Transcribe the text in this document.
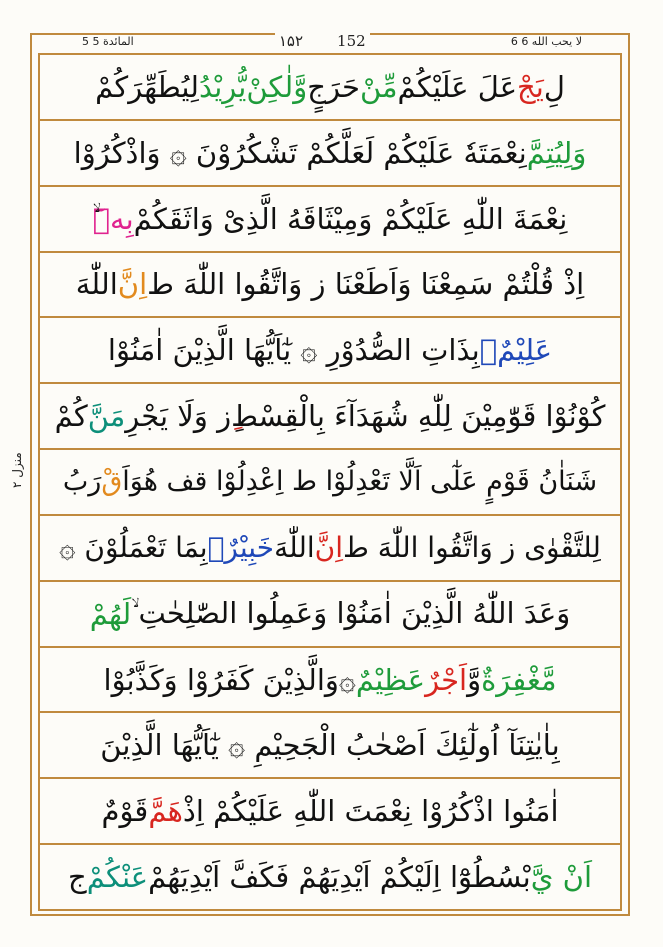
5 المائدة 5	۱۵۲ 152	6 لا يحب الله 6
منزل ۲
لِ
يَجْ
عَلَ عَلَيْكُمْ
مِّنْ
حَرَجٍ
وَّلٰكِنْ
يُّرِيْدُ
لِيُطَهِّرَكُمْ
وَلِيُتِمَّ
نِعْمَتَهٗ عَلَيْكُمْ لَعَلَّكُمْ تَشْكُرُوْنَ ۞ وَاذْكُرُوْا
نِعْمَةَ اللّٰهِ عَلَيْكُمْ وَمِيْثَاقَهُ الَّذِىْ وَاثَقَكُمْ
بِهٖٓ
اِذْ قُلْتُمْ سَمِعْنَا وَاَطَعْنَا ز وَاتَّقُوا اللّٰهَ ط
اِنَّ
اللّٰهَ
عَلِيْمٌۢ
بِذَاتِ الصُّدُوْرِ ۞ يٰٓاَيُّهَا الَّذِيْنَ اٰمَنُوْا
كُوْنُوْا قَوّٰمِيْنَ لِلّٰهِ شُهَدَآءَ بِالْقِسْطِ
ز وَلَا يَجْرِ
مَنَّ
كُمْ
شَنَاٰنُ قَوْمٍ عَلٰٓى اَلَّا تَعْدِلُوْا ط اِعْدِلُوْا قف هُوَ
اَ
قْ
رَبُ
لِلتَّقْوٰى ز وَاتَّقُوا اللّٰهَ ط
اِنَّ
اللّٰهَ
خَبِيْرٌۢ
بِمَا تَعْمَلُوْنَ ۞
وَعَدَ اللّٰهُ الَّذِيْنَ اٰمَنُوْا وَعَمِلُوا الصّٰلِحٰتِ ۙ
لَهُمْ
مَّغْفِرَةٌ
وَّ
اَجْرٌ
عَظِيْمٌ
۞
وَ
الَّذِيْنَ كَفَرُوْا وَكَذَّبُوْا
بِاٰيٰتِنَآ اُولٰٓئِكَ اَصْحٰبُ الْجَحِيْمِ ۞ يٰٓاَيُّهَا الَّذِيْنَ
اٰمَنُوا اذْكُرُوْا نِعْمَتَ اللّٰهِ عَلَيْكُمْ اِذْ
هَمَّ
قَوْمٌ
اَنْ يَّ
بْسُطُوْٓا اِلَيْكُمْ اَيْدِيَهُمْ فَكَفَّ اَيْدِيَهُمْ
عَنْكُمْ
ج
